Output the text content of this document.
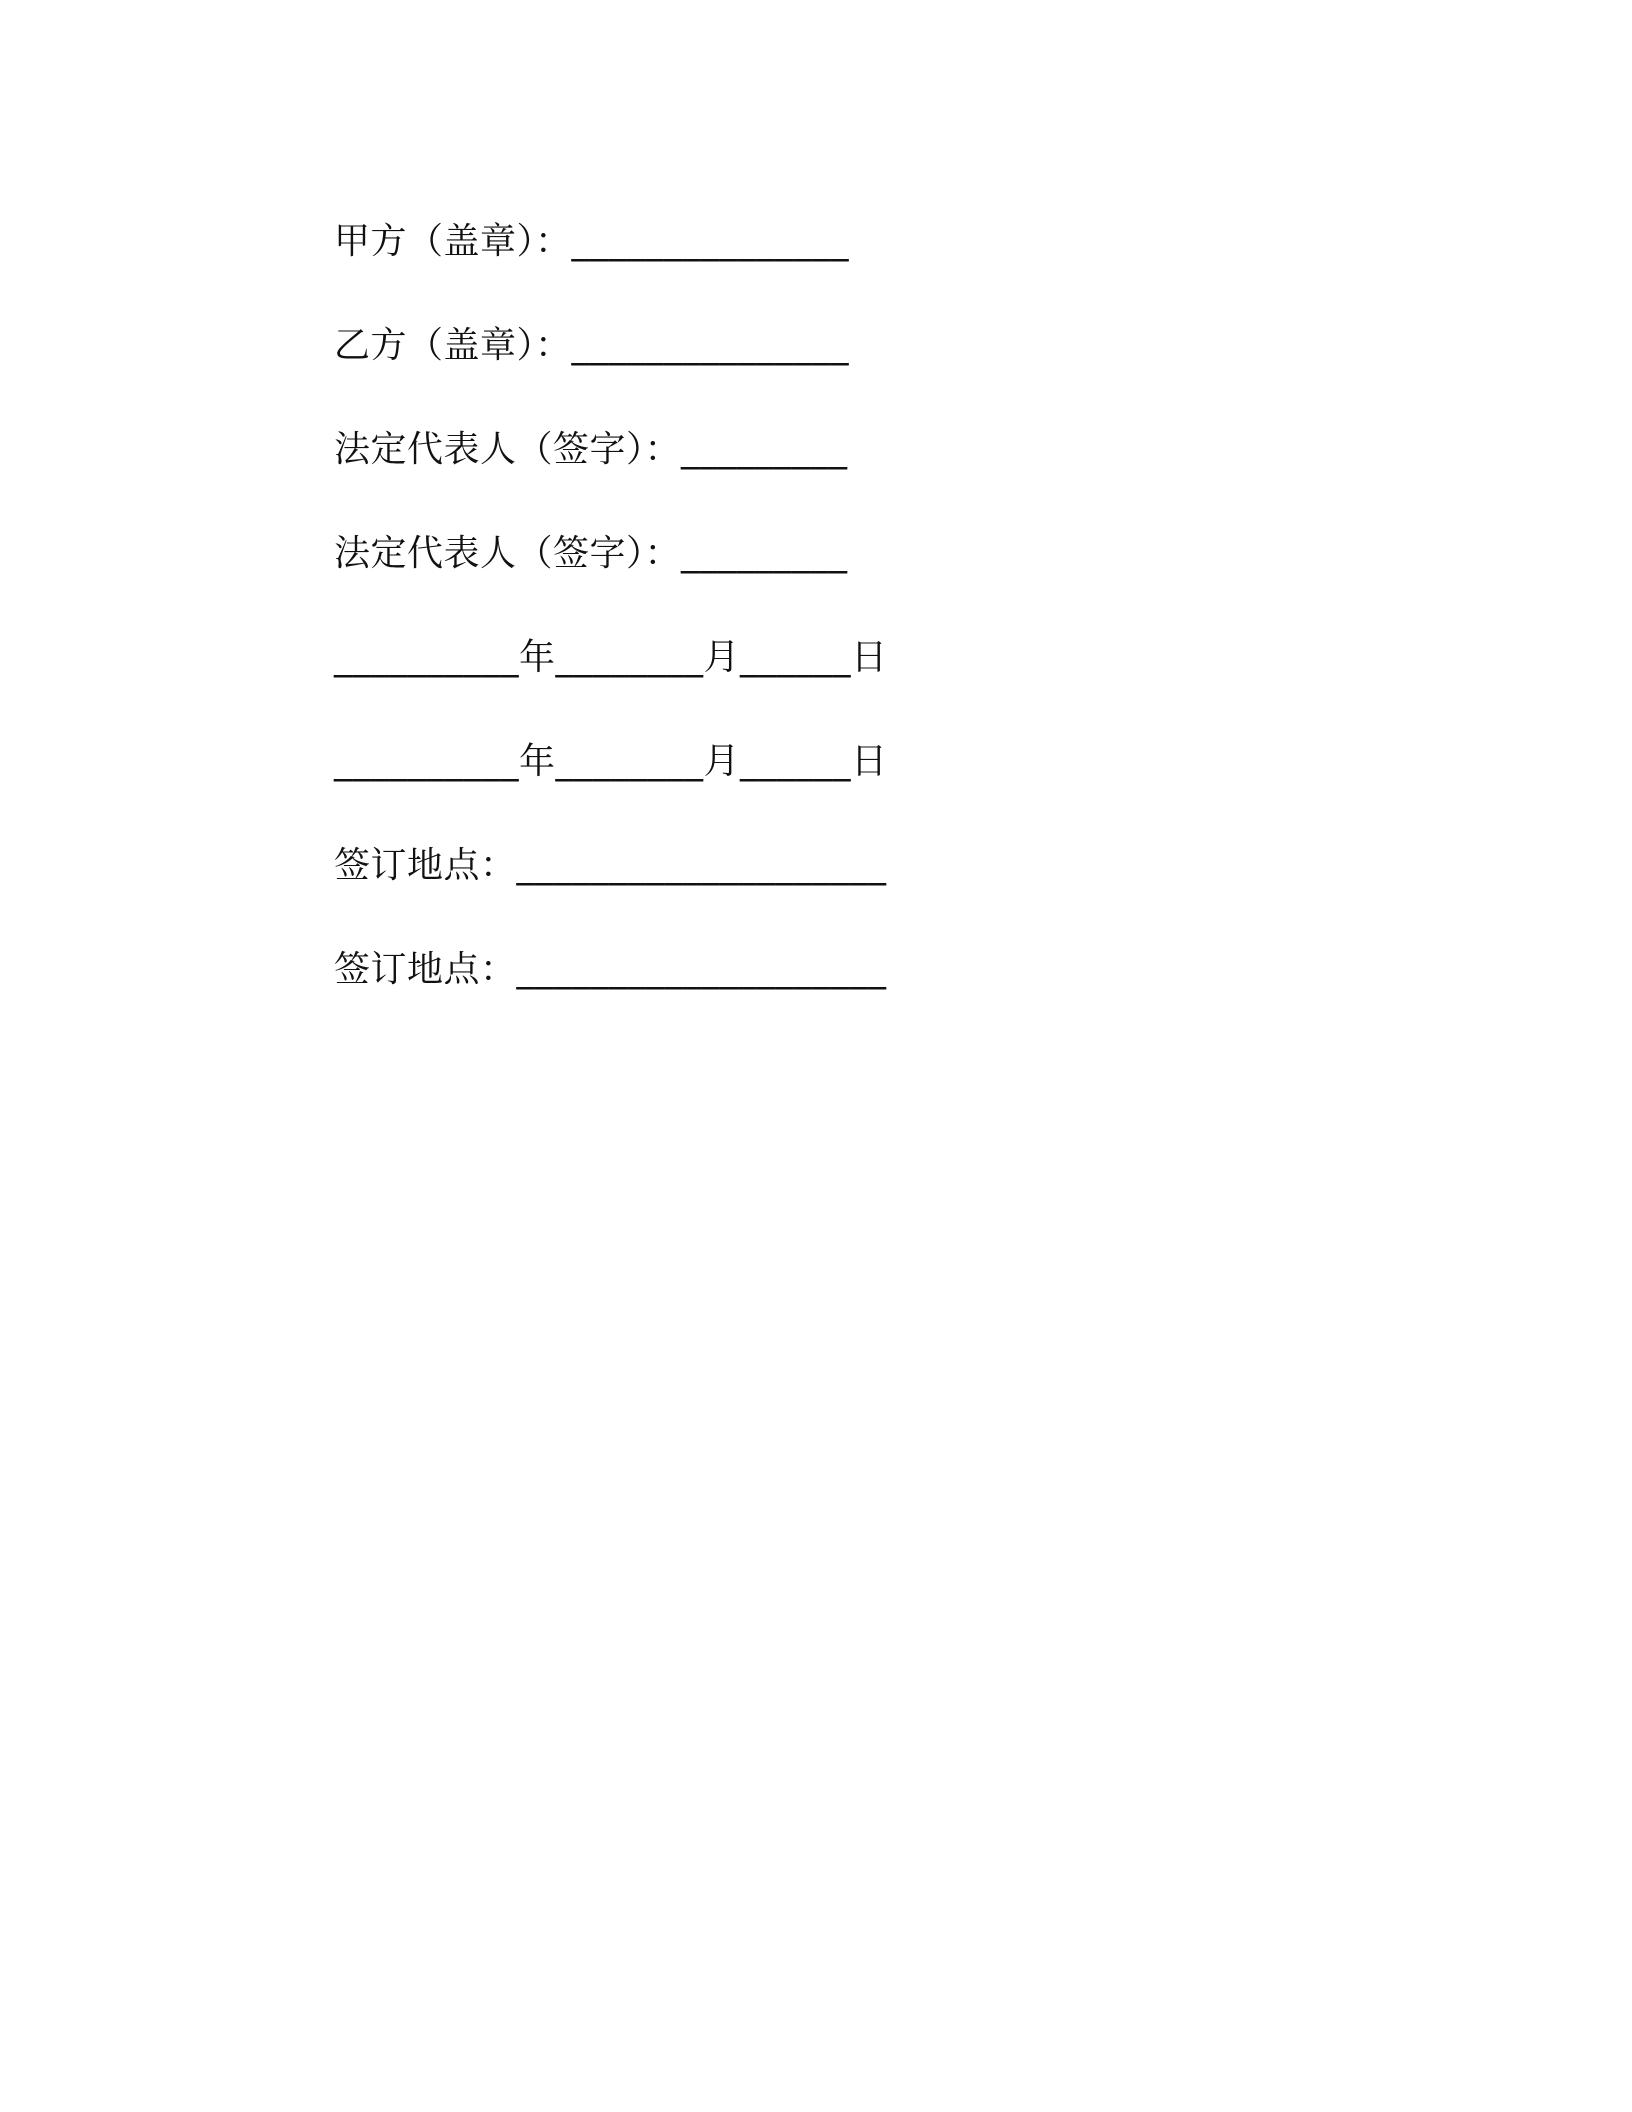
甲方（盖章）：_______________
乙方（盖章）：_______________
法定代表人（签字）：_________
法定代表人（签字）：_________
__________ 年 ________ 月 ______ 日
__________ 年 ________ 月 ______ 日
签订地点：____________________
签订地点：____________________
